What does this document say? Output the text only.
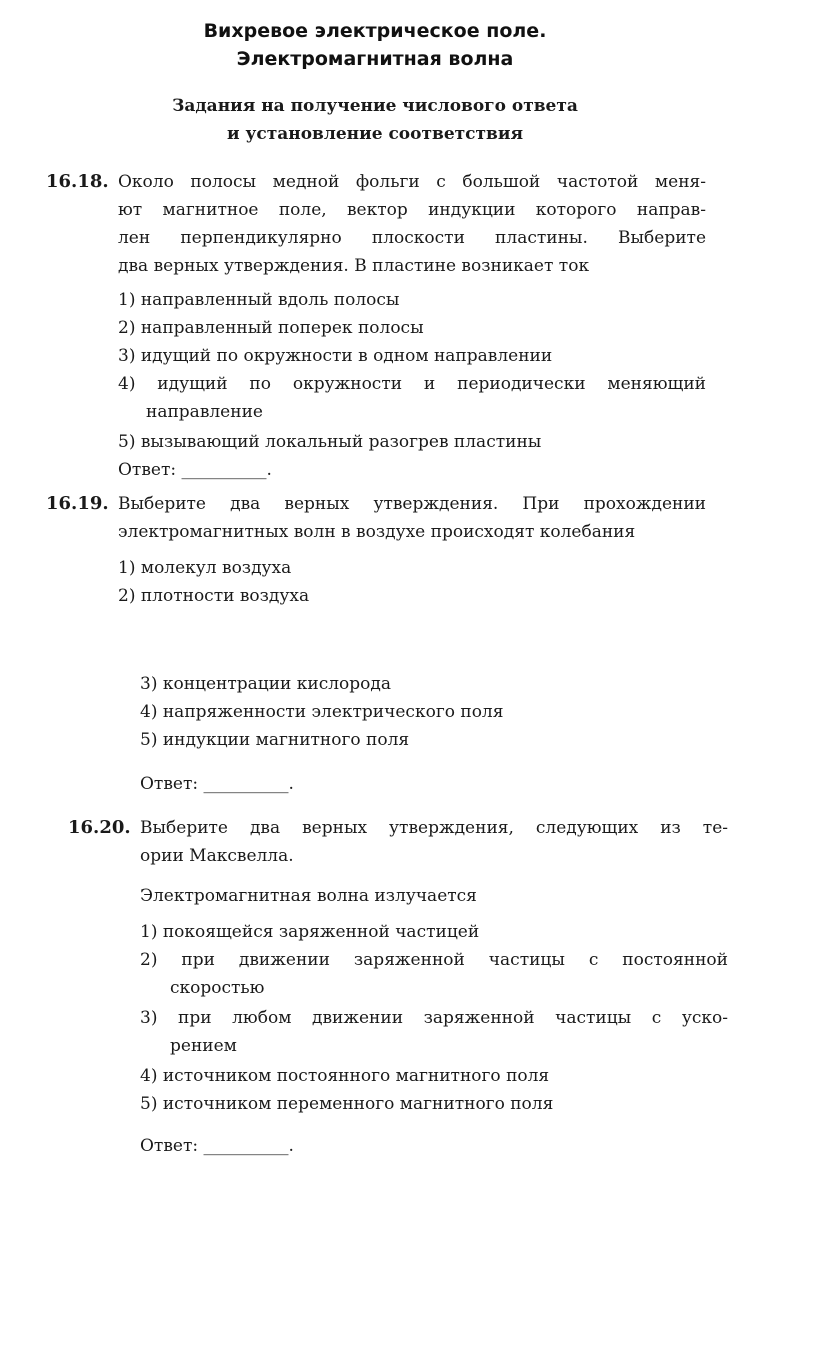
Вихревое электрическое поле.
Электромагнитная волна
Задания на получение числового ответа
и установление соответствия
16.18. Около полосы медной фольги с большой частотой меня-
ют магнитное поле, вектор индукции которого направ-
лен перпендикулярно плоскости пластины. Выберите
два верных утверждения. В пластине возникает ток
1) направленный вдоль полосы
2) направленный поперек полосы
3) идущий по окружности в одном направлении
4) идущий по окружности и периодически меняющий
направление
5) вызывающий локальный разогрев пластины
Ответ: __________.
16.19. Выберите два верных утверждения. При прохождении
электромагнитных волн в воздухе происходят колебания
1) молекул воздуха
2) плотности воздуха
3) концентрации кислорода
4) напряженности электрического поля
5) индукции магнитного поля
Ответ: __________.
16.20. Выберите два верных утверждения, следующих из те-
ории Максвелла.
Электромагнитная волна излучается
1) покоящейся заряженной частицей
2) при движении заряженной частицы с постоянной
скоростью
3) при любом движении заряженной частицы с уско-
рением
4) источником постоянного магнитного поля
5) источником переменного магнитного поля
Ответ: __________.
